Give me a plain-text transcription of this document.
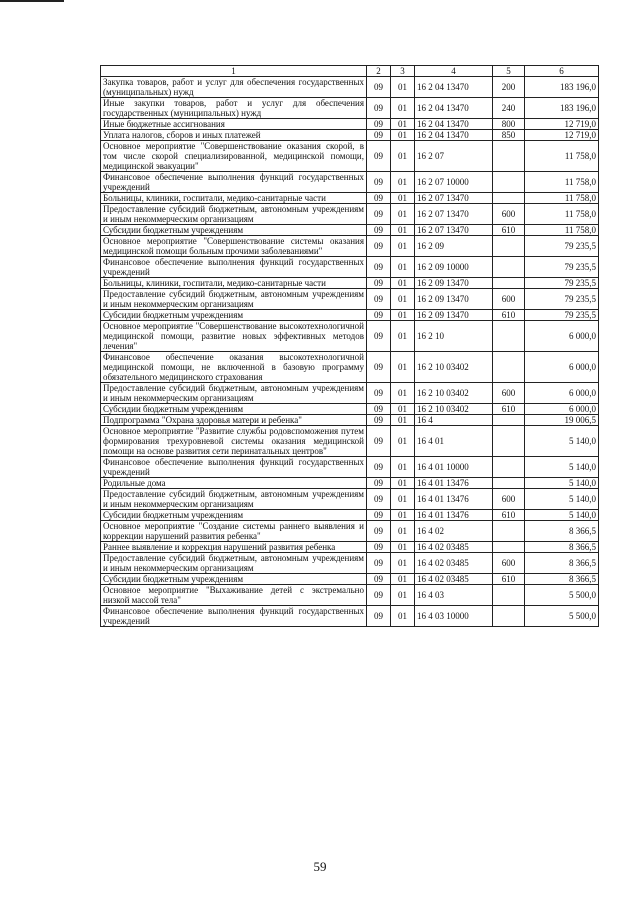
1	2	3	4	5	6
Закупка товаров, работ и услуг для обеспечения государственных (муниципальных) нужд	09	01	16 2 04 13470	200	183 196,0
Иные закупки товаров, работ и услуг для обеспечения государственных (муниципальных) нужд	09	01	16 2 04 13470	240	183 196,0
Иные бюджетные ассигнования	09	01	16 2 04 13470	800	12 719,0
Уплата налогов, сборов и иных платежей	09	01	16 2 04 13470	850	12 719,0
Основное мероприятие "Совершенствование оказания скорой, в том числе скорой специализированной, медицинской помощи, медицинской эвакуации"	09	01	16 2 07		11 758,0
Финансовое обеспечение выполнения функций государственных учреждений	09	01	16 2 07 10000		11 758,0
Больницы, клиники, госпитали, медико-санитарные части	09	01	16 2 07 13470		11 758,0
Предоставление субсидий бюджетным, автономным учреждениям и иным некоммерческим организациям	09	01	16 2 07 13470	600	11 758,0
Субсидии бюджетным учреждениям	09	01	16 2 07 13470	610	11 758,0
Основное мероприятие "Совершенствование системы оказания медицинской помощи больным прочими заболеваниями"	09	01	16 2 09		79 235,5
Финансовое обеспечение выполнения функций государственных учреждений	09	01	16 2 09 10000		79 235,5
Больницы, клиники, госпитали, медико-санитарные части	09	01	16 2 09 13470		79 235,5
Предоставление субсидий бюджетным, автономным учреждениям и иным некоммерческим организациям	09	01	16 2 09 13470	600	79 235,5
Субсидии бюджетным учреждениям	09	01	16 2 09 13470	610	79 235,5
Основное мероприятие "Совершенствование высокотехнологичной медицинской помощи, развитие новых эффективных методов лечения"	09	01	16 2 10		6 000,0
Финансовое обеспечение оказания высокотехнологичной медицинской помощи, не включенной в базовую программу обязательного медицинского страхования	09	01	16 2 10 03402		6 000,0
Предоставление субсидий бюджетным, автономным учреждениям и иным некоммерческим организациям	09	01	16 2 10 03402	600	6 000,0
Субсидии бюджетным учреждениям	09	01	16 2 10 03402	610	6 000,0
Подпрограмма "Охрана здоровья матери и ребенка"	09	01	16 4		19 006,5
Основное мероприятие "Развитие службы родовспоможения путем формирования трехуровневой системы оказания медицинской помощи на основе развития сети перинатальных центров"	09	01	16 4 01		5 140,0
Финансовое обеспечение выполнения функций государственных учреждений	09	01	16 4 01 10000		5 140,0
Родильные дома	09	01	16 4 01 13476		5 140,0
Предоставление субсидий бюджетным, автономным учреждениям и иным некоммерческим организациям	09	01	16 4 01 13476	600	5 140,0
Субсидии бюджетным учреждениям	09	01	16 4 01 13476	610	5 140,0
Основное мероприятие "Создание системы раннего выявления и коррекции нарушений развития ребенка"	09	01	16 4 02		8 366,5
Раннее выявление и коррекция нарушений развития ребенка	09	01	16 4 02 03485		8 366,5
Предоставление субсидий бюджетным, автономным учреждениям и иным некоммерческим организациям	09	01	16 4 02 03485	600	8 366,5
Субсидии бюджетным учреждениям	09	01	16 4 02 03485	610	8 366,5
Основное мероприятие "Выхаживание детей с экстремально низкой массой тела"	09	01	16 4 03		5 500,0
Финансовое обеспечение выполнения функций государственных учреждений	09	01	16 4 03 10000		5 500,0
59
